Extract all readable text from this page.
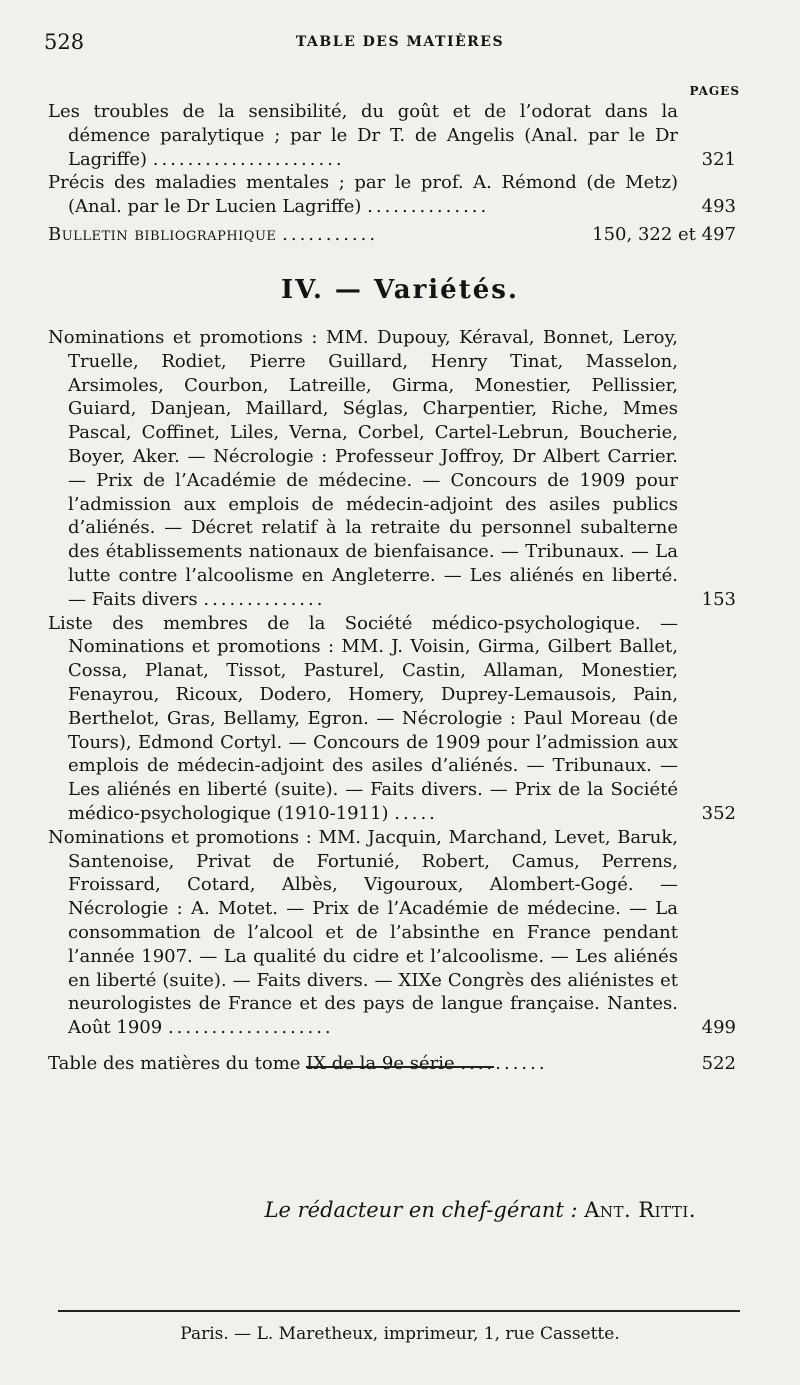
528	TABLE DES MATIÈRES
PAGES
Les troubles de la sensibilité, du goût et de l’odorat dans la démence paralytique ; par le Dr T. de Angelis (Anal. par le Dr Lagriffe) ......................	321
Précis des maladies mentales ; par le prof. A. Rémond (de Metz) (Anal. par le Dr Lucien Lagriffe) ..............	493
Bulletin bibliographique ...........	150, 322 et 497
IV. — Variétés.
Nominations et promotions : MM. Dupouy, Kéraval, Bonnet, Leroy, Truelle, Rodiet, Pierre Guillard, Henry Tinat, Masselon, Arsimoles, Courbon, Latreille, Girma, Monestier, Pellissier, Guiard, Danjean, Maillard, Séglas, Charpentier, Riche, Mmes Pascal, Coffinet, Liles, Verna, Corbel, Cartel-Lebrun, Boucherie, Boyer, Aker. — Nécrologie : Professeur Joffroy, Dr Albert Carrier. — Prix de l’Académie de médecine. — Concours de 1909 pour l’admission aux emplois de médecin-adjoint des asiles publics d’aliénés. — Décret relatif à la retraite du personnel subalterne des établissements nationaux de bienfaisance. — Tribunaux. — La lutte contre l’alcoolisme en Angleterre. — Les aliénés en liberté. — Faits divers ..............	153
Liste des membres de la Société médico-psychologique. — Nominations et promotions : MM. J. Voisin, Girma, Gilbert Ballet, Cossa, Planat, Tissot, Pasturel, Castin, Allaman, Monestier, Fenayrou, Ricoux, Dodero, Homery, Duprey-Lemausois, Pain, Berthelot, Gras, Bellamy, Egron. — Nécrologie : Paul Moreau (de Tours), Edmond Cortyl. — Concours de 1909 pour l’admission aux emplois de médecin-adjoint des asiles d’aliénés. — Tribunaux. — Les aliénés en liberté (suite). — Faits divers. — Prix de la Société médico-psychologique (1910-1911) .....	352
Nominations et promotions : MM. Jacquin, Marchand, Levet, Baruk, Santenoise, Privat de Fortunié, Robert, Camus, Perrens, Froissard, Cotard, Albès, Vigouroux, Alombert-Gogé. — Nécrologie : A. Motet. — Prix de l’Académie de médecine. — La consommation de l’alcool et de l’absinthe en France pendant l’année 1907. — La qualité du cidre et l’alcoolisme. — Les aliénés en liberté (suite). — Faits divers. — XIXe Congrès des aliénistes et neurologistes de France et des pays de langue française. Nantes. Août 1909 ...................	499
Table des matières du tome IX de la 9e série ..........	522
Le rédacteur en chef-gérant : Ant. Ritti.
Paris. — L. Maretheux, imprimeur, 1, rue Cassette.
